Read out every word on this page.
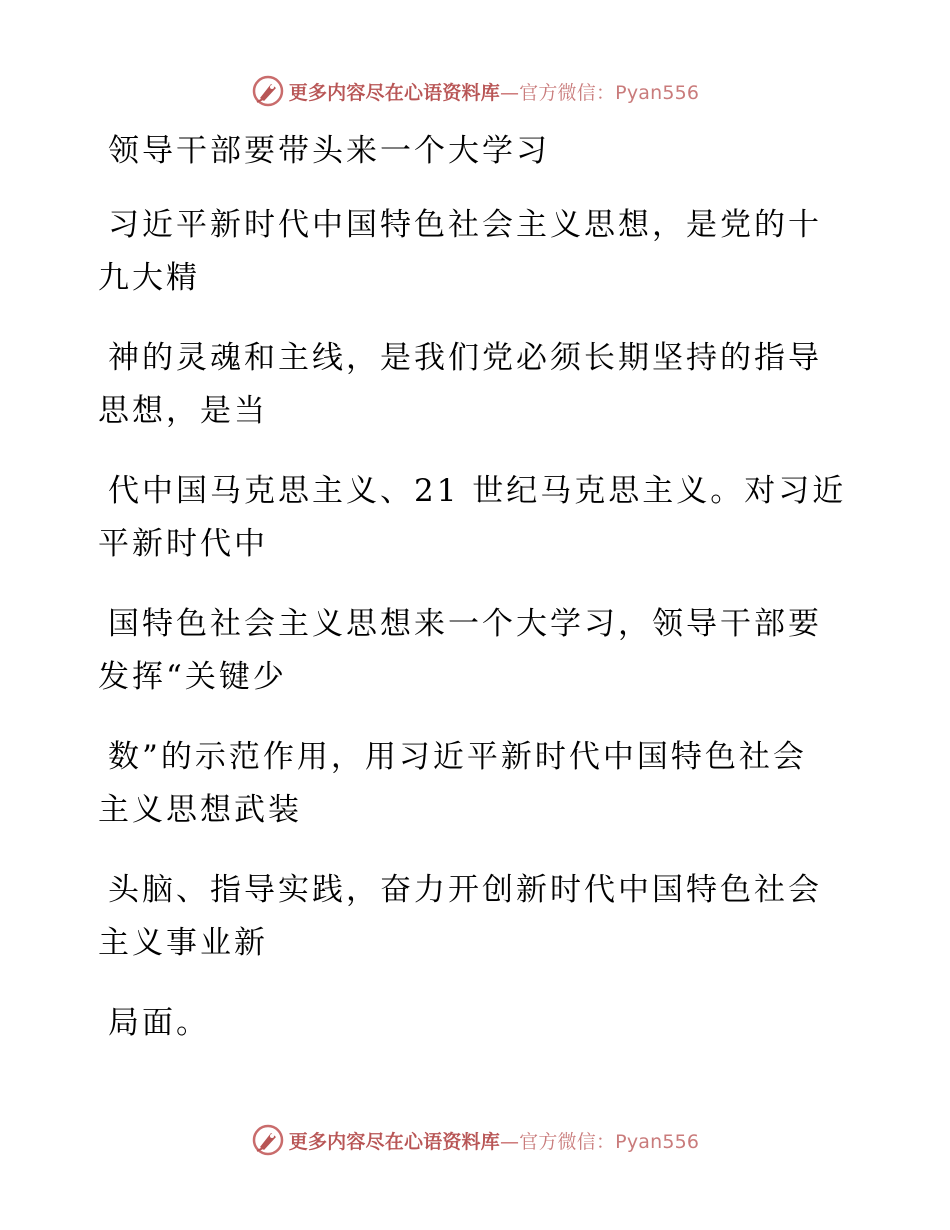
更多内容尽在心语资料库—官方微信：Pyan556
领导干部要带头来一个大学习
习近平新时代中国特色社会主义思想，是党的十
九大精
神的灵魂和主线，是我们党必须长期坚持的指导
思想，是当
代中国马克思主义、21 世纪马克思主义。对习近
平新时代中
国特色社会主义思想来一个大学习，领导干部要
发挥“关键少
数”的示范作用，用习近平新时代中国特色社会
主义思想武装
头脑、指导实践，奋力开创新时代中国特色社会
主义事业新
局面。
更多内容尽在心语资料库—官方微信：Pyan556
